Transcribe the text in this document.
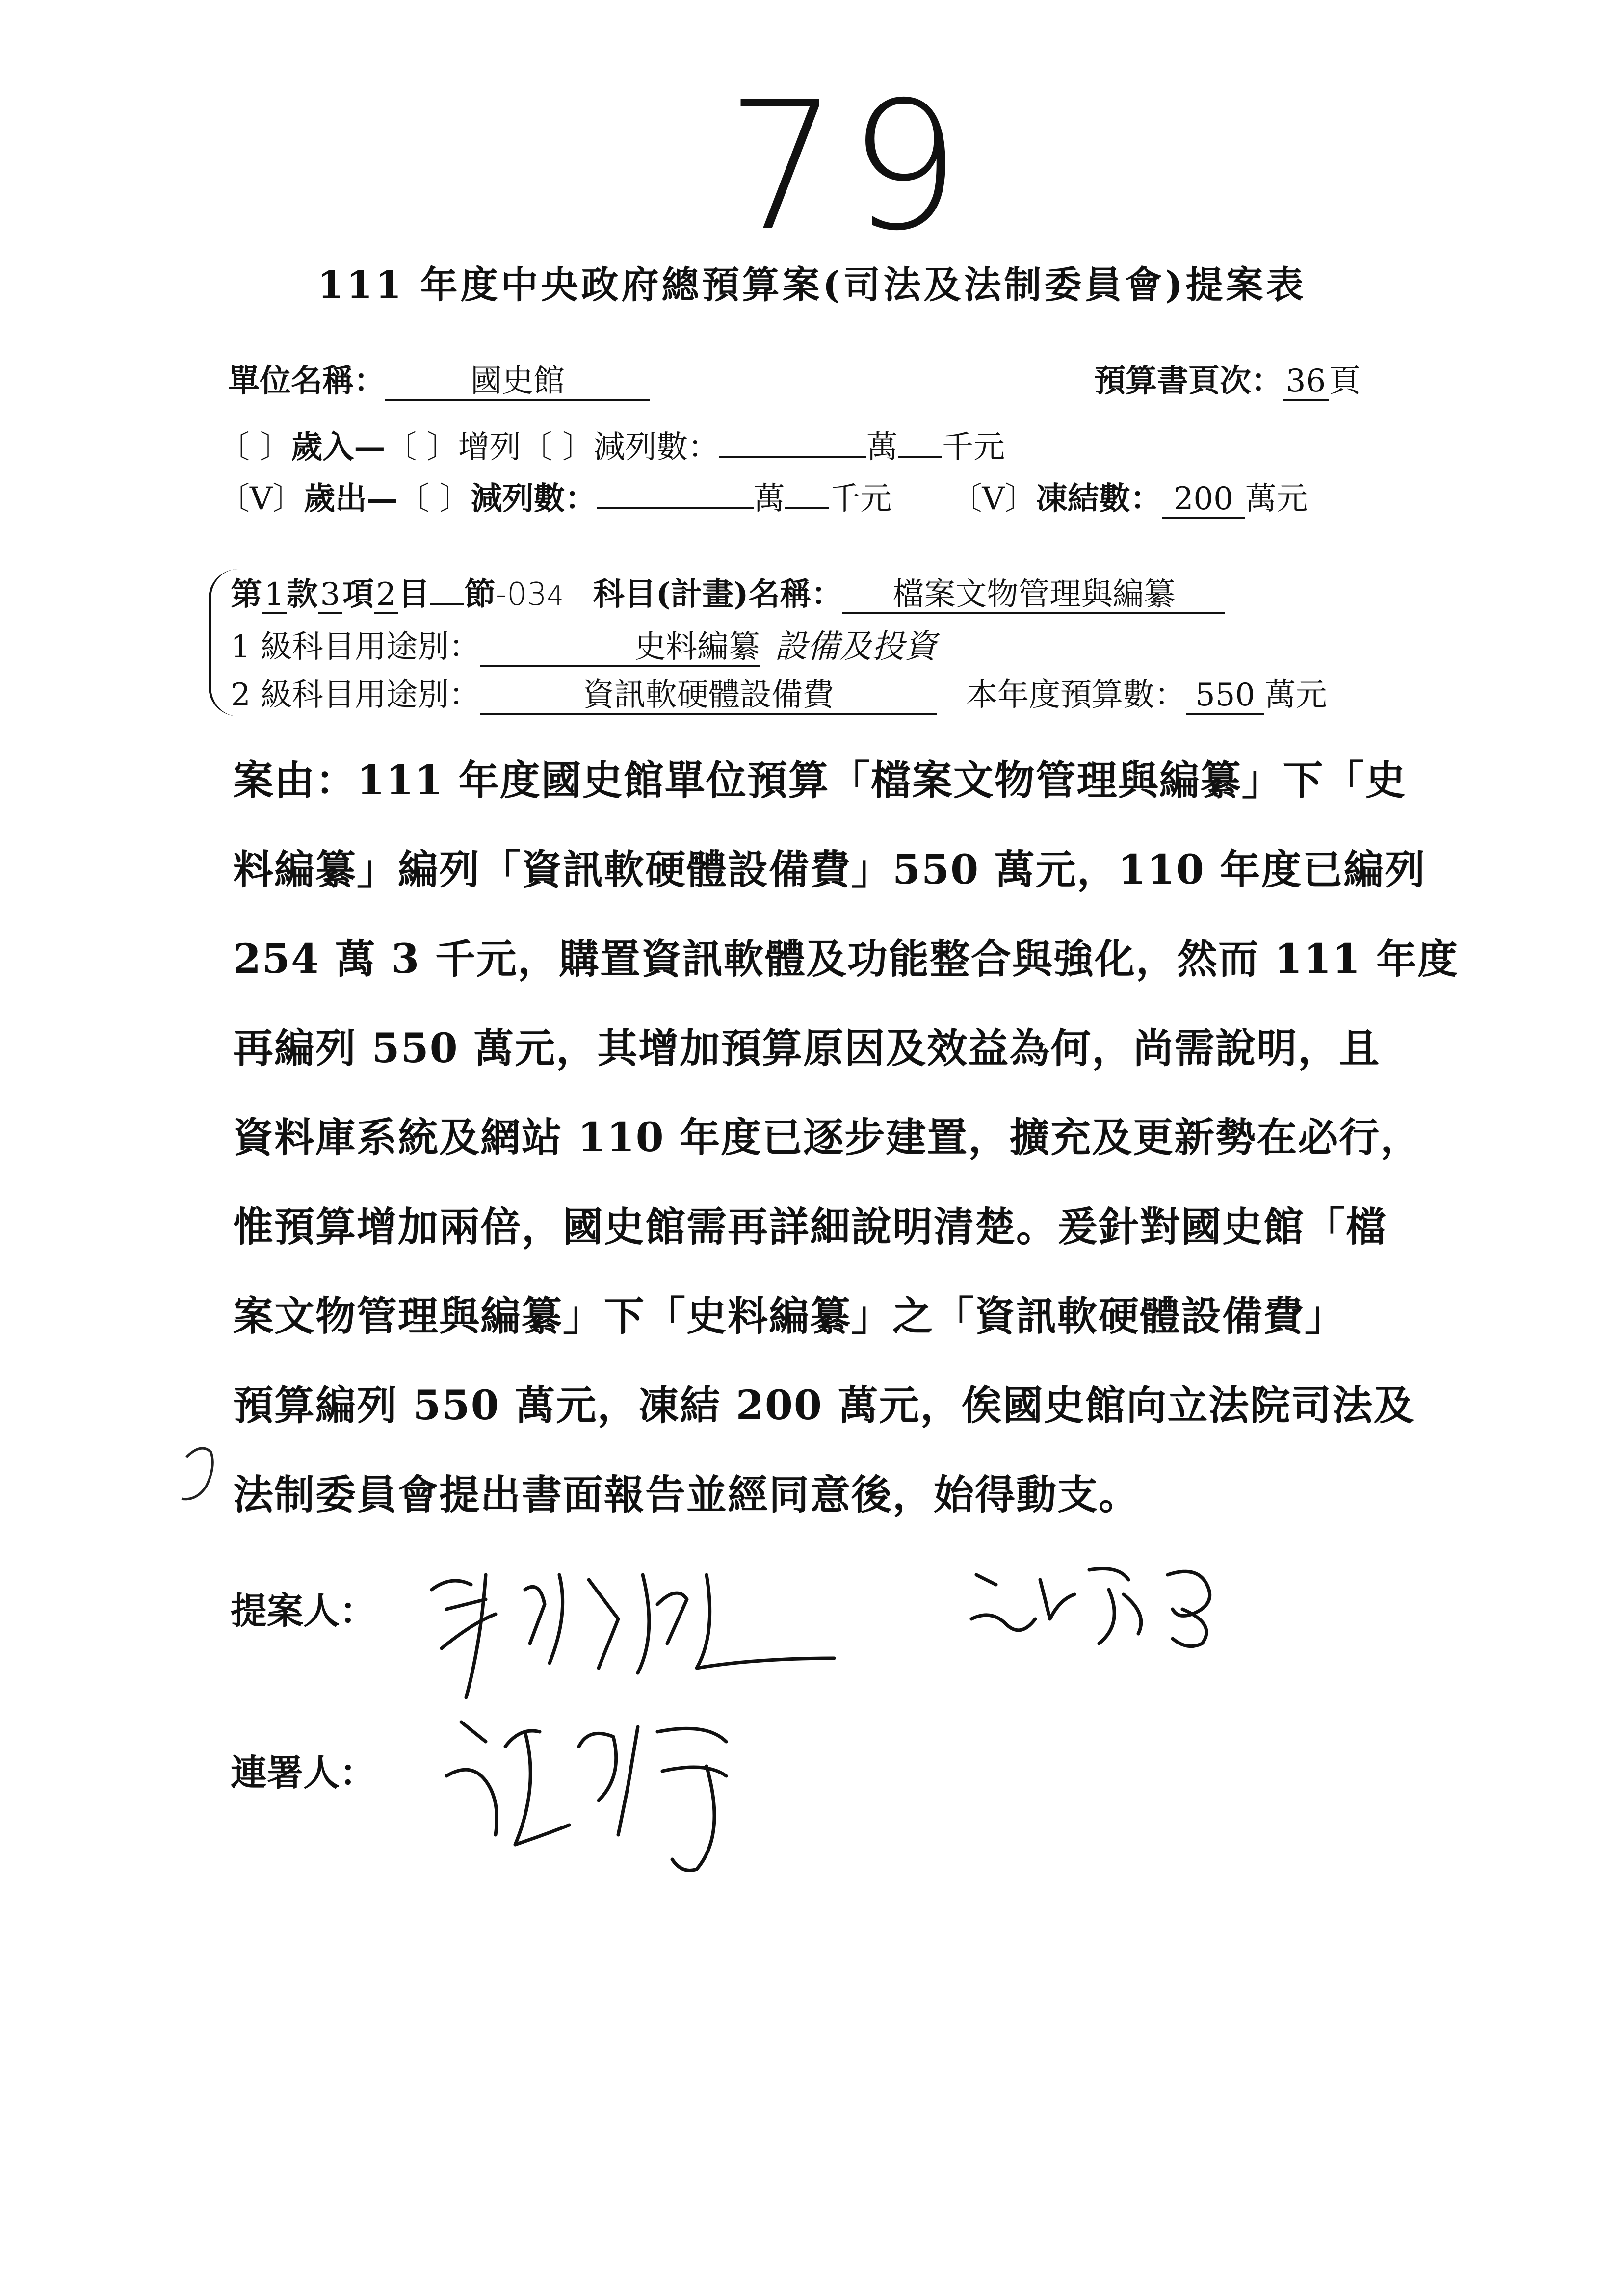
79
111 年度中央政府總預算案(司法及法制委員會)提案表
單位名稱：	國史館	預算書頁次： 36 頁
〔 〕歲入—〔 〕增列〔 〕減列數：	萬 千元
〔V〕歲出—〔 〕減列數：	萬 千元 〔V〕凍結數： 200 萬元
第1款3項2目 節-034 科目(計畫)名稱： 檔案文物管理與編纂
1 級科目用途別：	史料編纂 設備及投資
2 級科目用途別：	資訊軟硬體設備費	本年度預算數： 550 萬元

案由：111 年度國史館單位預算「檔案文物管理與編纂」下「史

料編纂」編列「資訊軟硬體設備費」550 萬元，110 年度已編列

254 萬 3 千元，購置資訊軟體及功能整合與強化，然而 111 年度

再編列 550 萬元，其增加預算原因及效益為何，尚需說明，且

資料庫系統及網站 110 年度已逐步建置，擴充及更新勢在必行，

惟預算增加兩倍，國史館需再詳細說明清楚。爰針對國史館「檔

案文物管理與編纂」下「史料編纂」之「資訊軟硬體設備費」

預算編列 550 萬元，凍結 200 萬元，俟國史館向立法院司法及

法制委員會提出書面報告並經同意後，始得動支。

提案人：
連署人：
